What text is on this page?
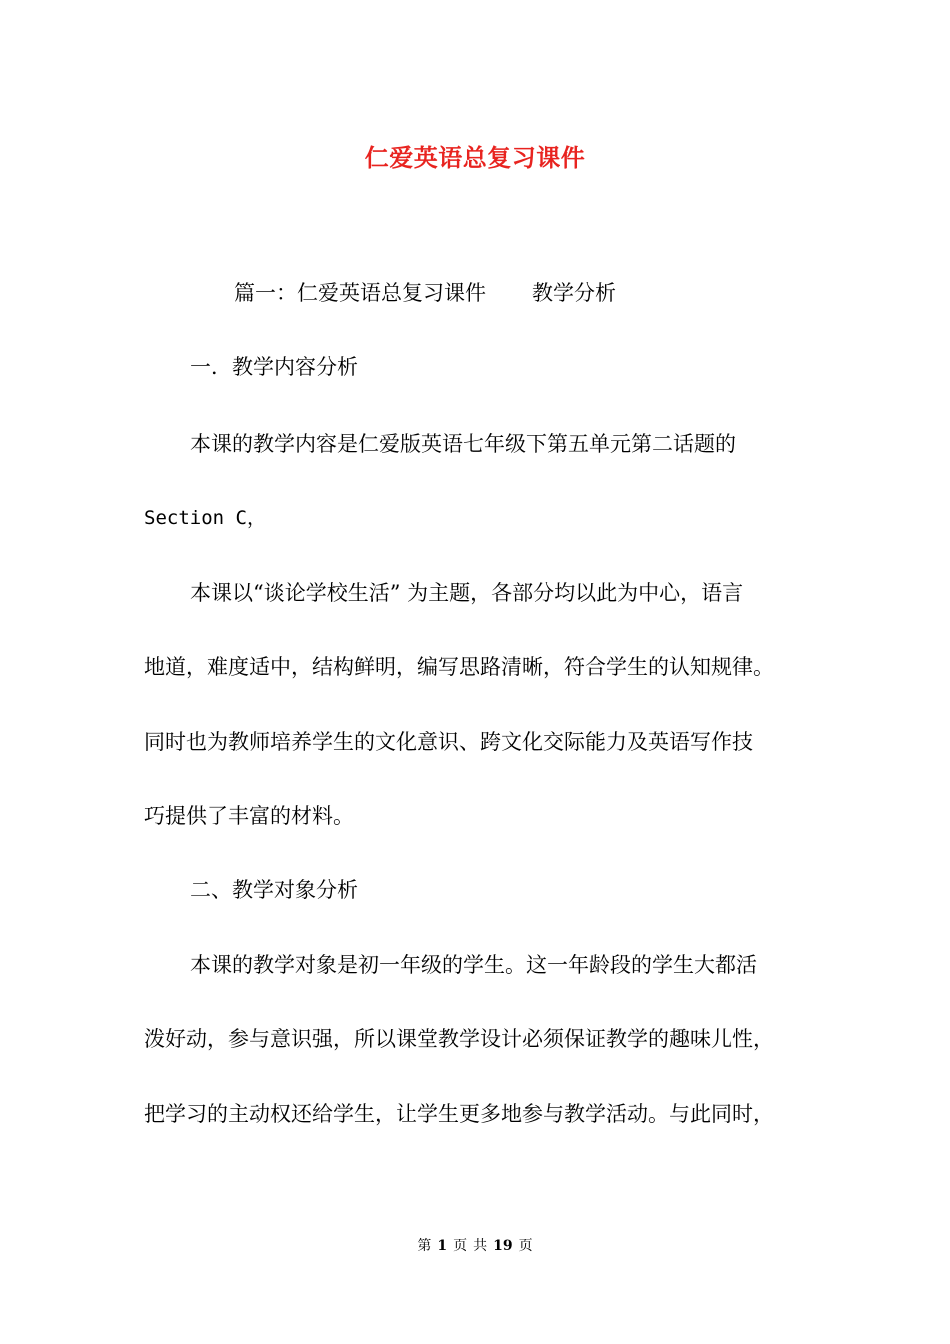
仁爱英语总复习课件
篇一：仁爱英语总复习课件 教学分析
一．教学内容分析
本课的教学内容是仁爱版英语七年级下第五单元第二话题的
Section C，
本课以“谈论学校生活” 为主题，各部分均以此为中心，语言
地道，难度适中，结构鲜明，编写思路清晰，符合学生的认知规律。
同时也为教师培养学生的文化意识、跨文化交际能力及英语写作技
巧提供了丰富的材料。
二、教学对象分析
本课的教学对象是初一年级的学生。这一年龄段的学生大都活
泼好动，参与意识强，所以课堂教学设计必须保证教学的趣味儿性，
把学习的主动权还给学生，让学生更多地参与教学活动。与此同时，
第 1 页 共 19 页
